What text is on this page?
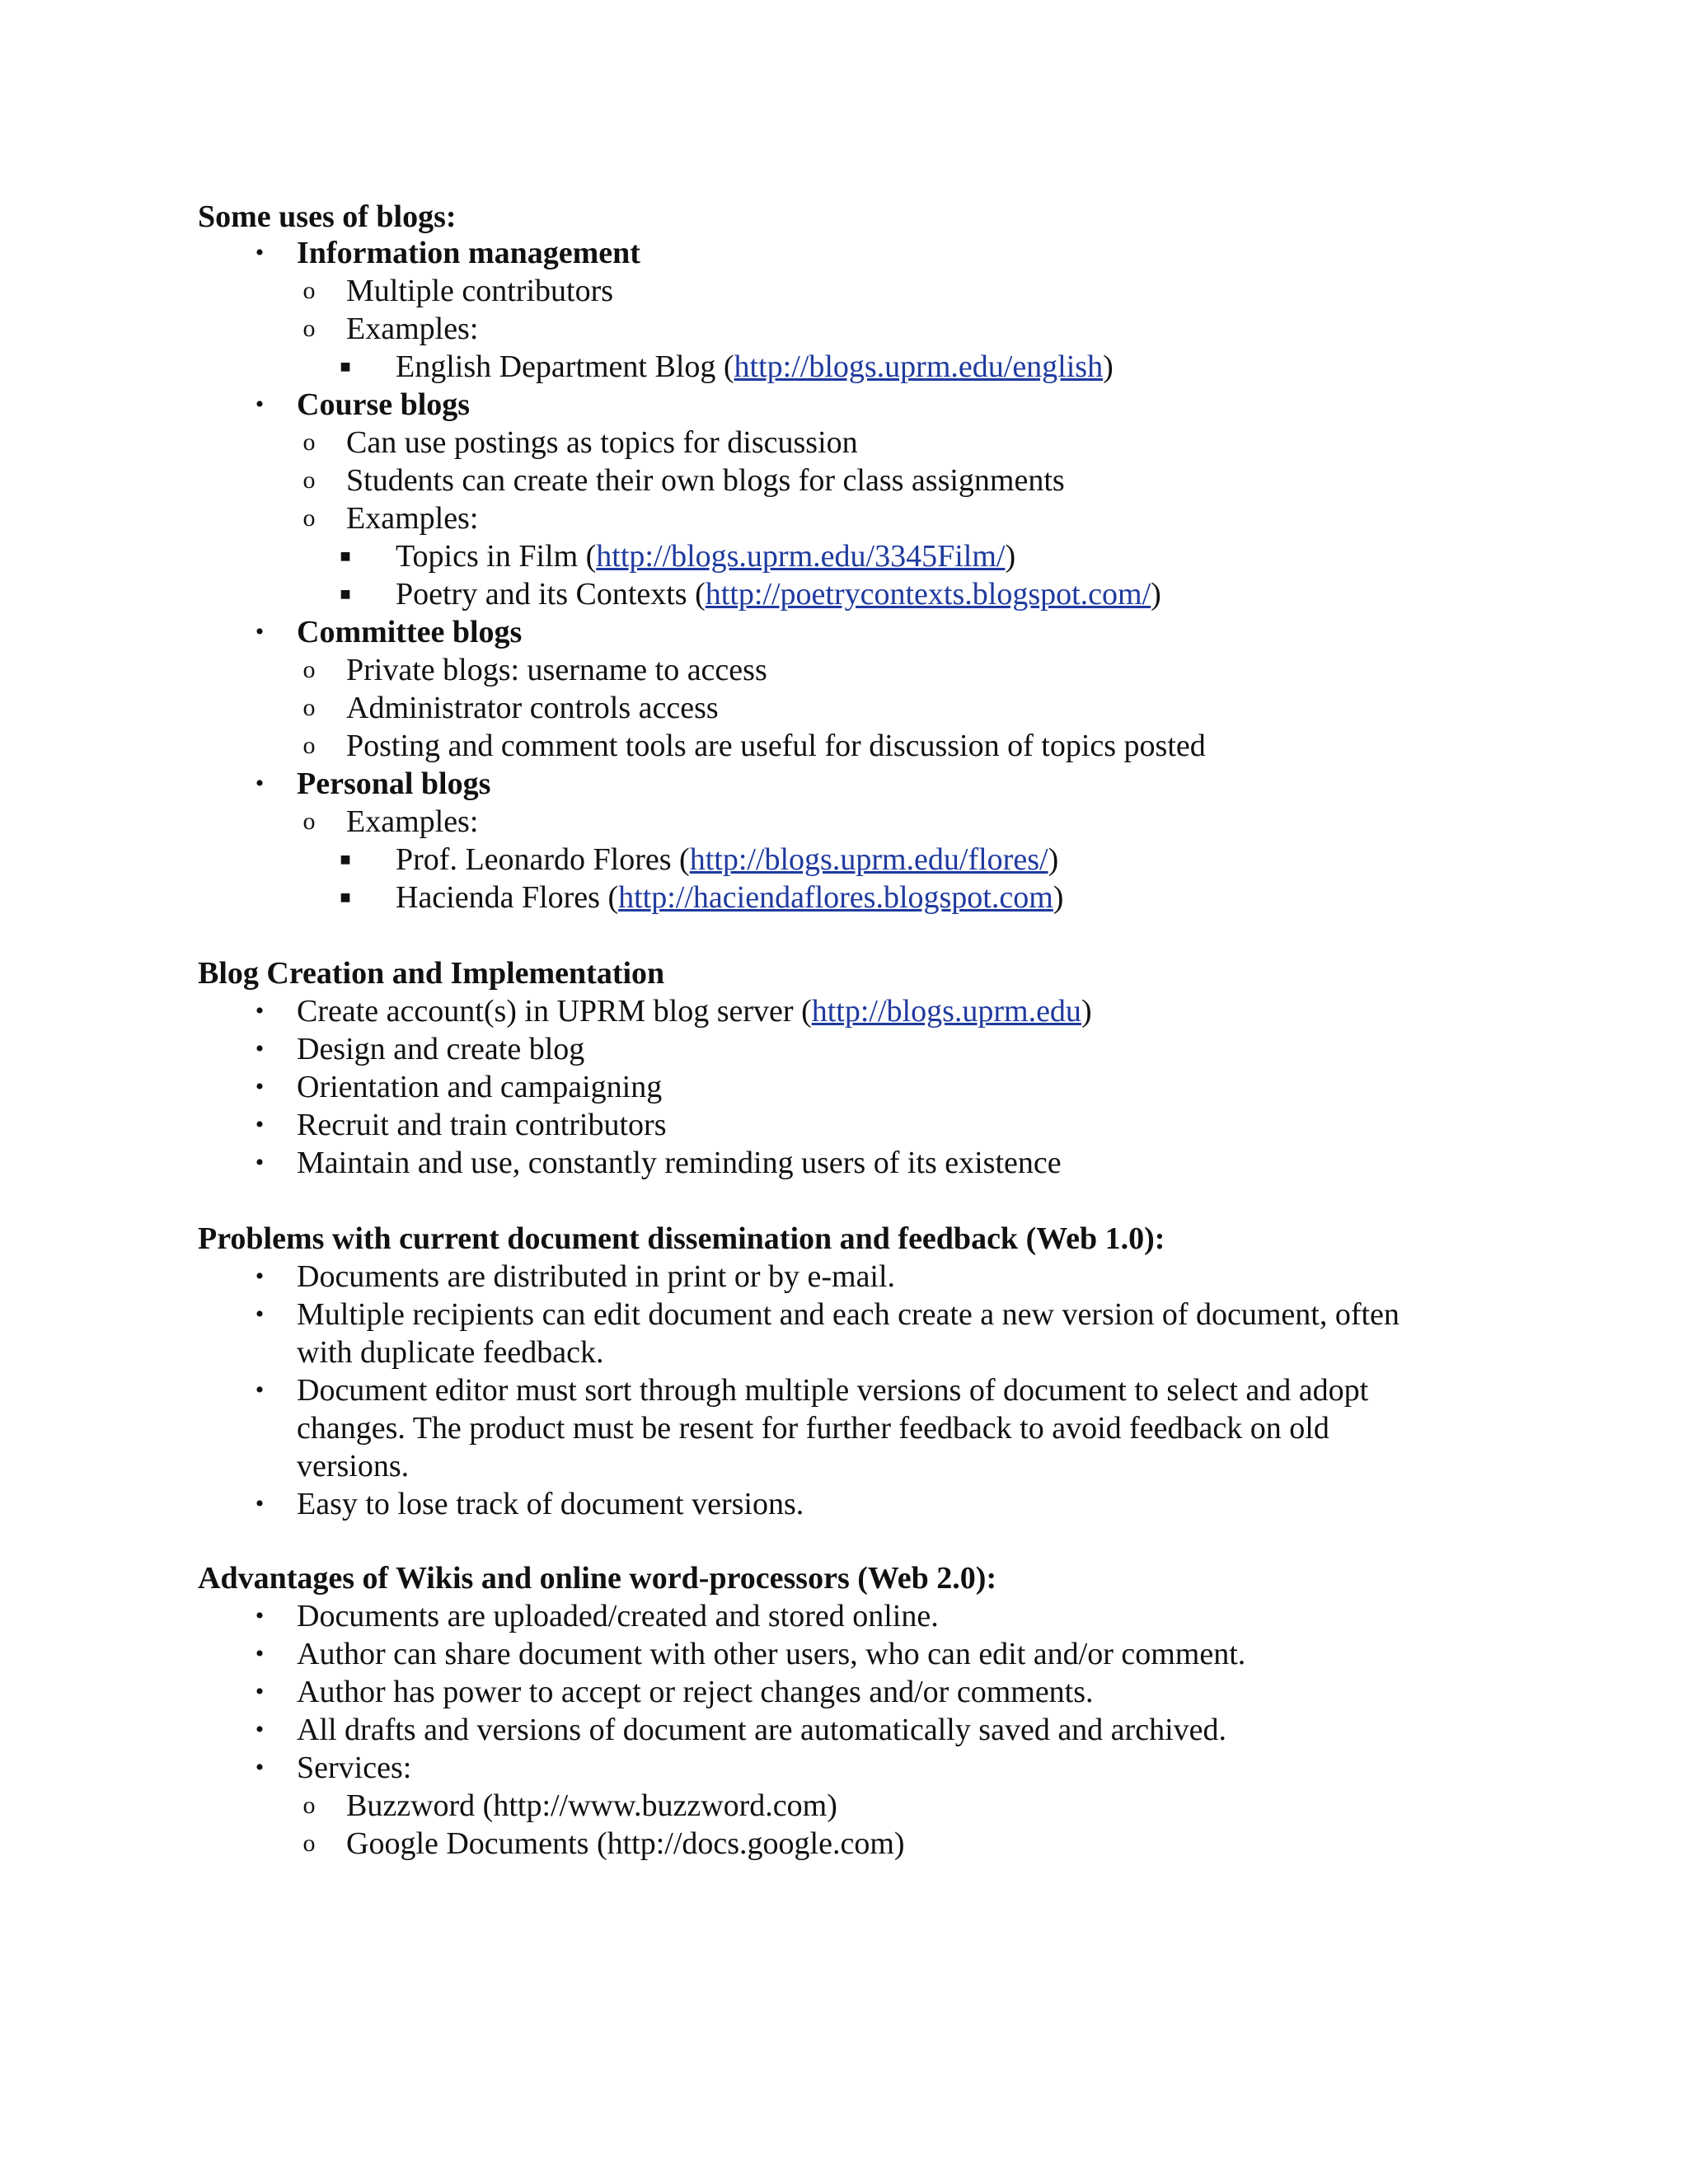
Some uses of blogs:
• Information management
o Multiple contributors
o Examples:
■ English Department Blog (http://blogs.uprm.edu/english)
• Course blogs
o Can use postings as topics for discussion
o Students can create their own blogs for class assignments
o Examples:
■ Topics in Film (http://blogs.uprm.edu/3345Film/)
■ Poetry and its Contexts (http://poetrycontexts.blogspot.com/)
• Committee blogs
o Private blogs: username to access
o Administrator controls access
o Posting and comment tools are useful for discussion of topics posted
• Personal blogs
o Examples:
■ Prof. Leonardo Flores (http://blogs.uprm.edu/flores/)
■ Hacienda Flores (http://haciendaflores.blogspot.com)
Blog Creation and Implementation
• Create account(s) in UPRM blog server (http://blogs.uprm.edu)
• Design and create blog
• Orientation and campaigning
• Recruit and train contributors
• Maintain and use, constantly reminding users of its existence
Problems with current document dissemination and feedback (Web 1.0):
• Documents are distributed in print or by e-mail.
• Multiple recipients can edit document and each create a new version of document, often
with duplicate feedback.
• Document editor must sort through multiple versions of document to select and adopt
changes. The product must be resent for further feedback to avoid feedback on old
versions.
• Easy to lose track of document versions.
Advantages of Wikis and online word-processors (Web 2.0):
• Documents are uploaded/created and stored online.
• Author can share document with other users, who can edit and/or comment.
• Author has power to accept or reject changes and/or comments.
• All drafts and versions of document are automatically saved and archived.
• Services:
o Buzzword (http://www.buzzword.com)
o Google Documents (http://docs.google.com)
